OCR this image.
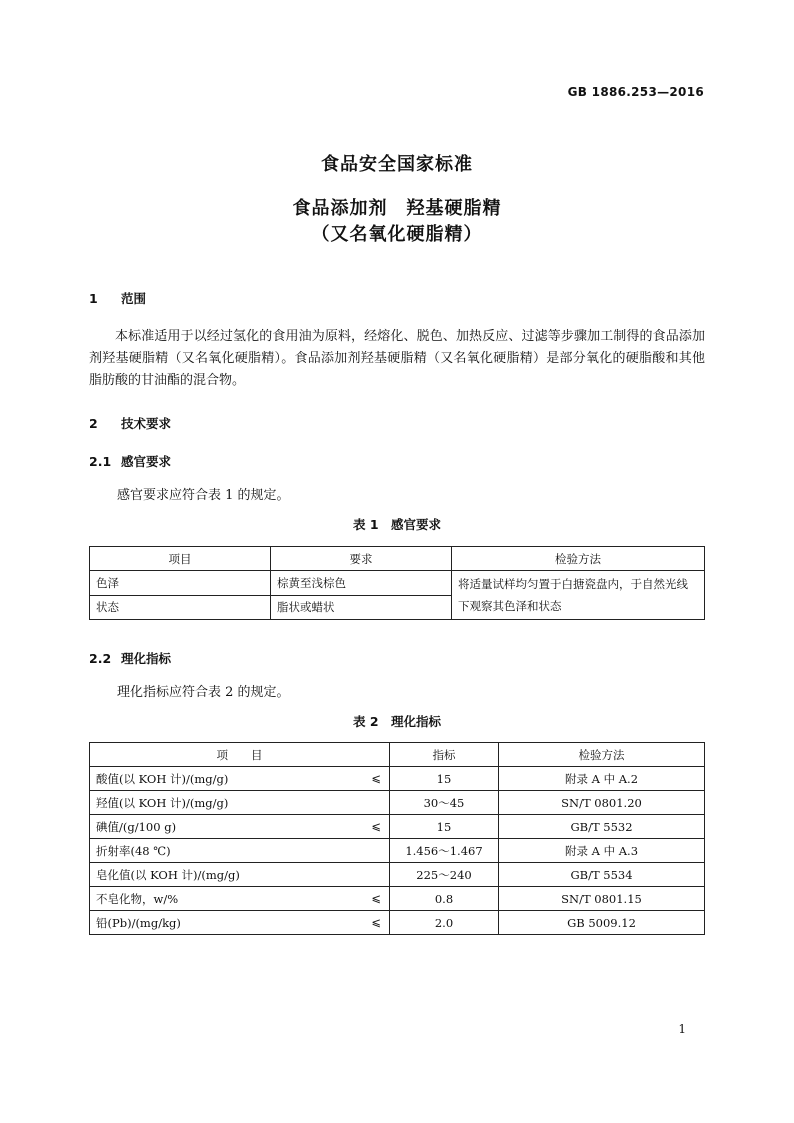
GB 1886.253—2016
食品安全国家标准
食品添加剂　羟基硬脂精
（又名氧化硬脂精）
1 范围
本标准适用于以经过氢化的食用油为原料，经熔化、脱色、加热反应、过滤等步骤加工制得的食品添加剂羟基硬脂精（又名氧化硬脂精）。食品添加剂羟基硬脂精（又名氧化硬脂精）是部分氧化的硬脂酸和其他脂肪酸的甘油酯的混合物。
2 技术要求
2.1 感官要求
感官要求应符合表 1 的规定。
表 1　感官要求
项目	要求	检验方法
色泽	棕黄至浅棕色	将适量试样均匀置于白搪瓷盘内，于自然光线下观察其色泽和状态
状态	脂状或蜡状	
2.2 理化指标
理化指标应符合表 2 的规定。
表 2　理化指标
项　　目	指标	检验方法
酸值(以 KOH 计)/(mg/g) ⩽	15	附录 A 中 A.2
羟值(以 KOH 计)/(mg/g)	30～45	SN/T 0801.20
碘值/(g/100 g) ⩽	15	GB/T 5532
折射率(48 ℃)	1.456～1.467	附录 A 中 A.3
皂化值(以 KOH 计)/(mg/g)	225～240	GB/T 5534
不皂化物，w/% ⩽	0.8	SN/T 0801.15
铅(Pb)/(mg/kg) ⩽	2.0	GB 5009.12
1
